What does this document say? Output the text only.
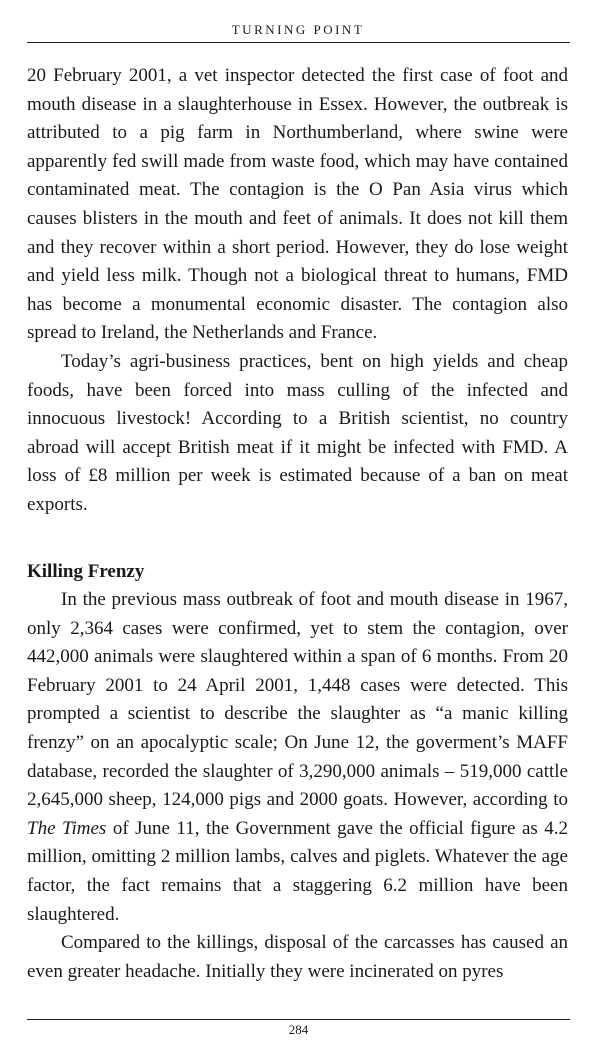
TURNING POINT

20 February 2001, a vet inspector detected the first case of foot and mouth disease in a slaughterhouse in Essex. However, the outbreak is attributed to a pig farm in Northumberland, where swine were apparently fed swill made from waste food, which may have contained contaminated meat. The contagion is the O Pan Asia virus which causes blisters in the mouth and feet of animals. It does not kill them and they recover within a short period. However, they do lose weight and yield less milk. Though not a biological threat to humans, FMD has become a monumental economic disaster. The contagion also spread to Ireland, the Netherlands and France.

Today’s agri-business practices, bent on high yields and cheap foods, have been forced into mass culling of the infected and innocuous livestock! According to a British scientist, no country abroad will accept British meat if it might be infected with FMD. A loss of £8 million per week is estimated because of a ban on meat exports.

Killing Frenzy

In the previous mass outbreak of foot and mouth disease in 1967, only 2,364 cases were confirmed, yet to stem the contagion, over 442,000 animals were slaughtered within a span of 6 months. From 20 February 2001 to 24 April 2001, 1,448 cases were detected. This prompted a scientist to describe the slaughter as “a manic killing frenzy” on an apocalyptic scale; On June 12, the goverment’s MAFF database, recorded the slaughter of 3,290,000 animals – 519,000 cattle 2,645,000 sheep, 124,000 pigs and 2000 goats. However, according to The Times of June 11, the Government gave the official figure as 4.2 million, omitting 2 million lambs, calves and piglets. Whatever the age factor, the fact remains that a staggering 6.2 million have been slaughtered.

Compared to the killings, disposal of the carcasses has caused an even greater headache. Initially they were incinerated on pyres

284
